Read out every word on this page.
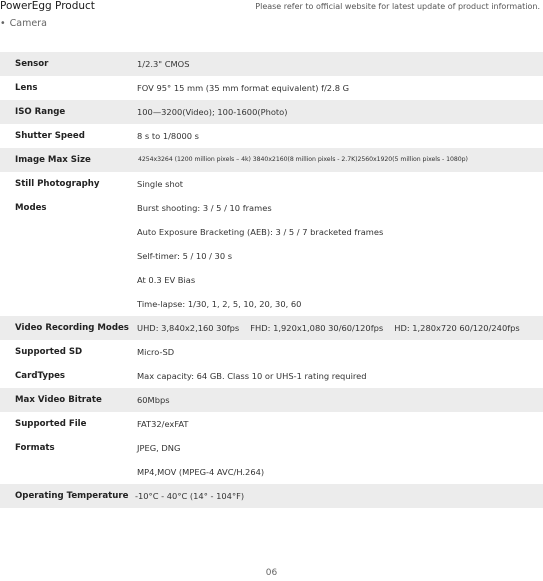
PowerEgg Product	Please refer to official website for latest update of product information.
• Camera
Sensor	1/2.3" CMOS
Lens	FOV 95° 15 mm (35 mm format equivalent) f/2.8 G
ISO Range	100—3200(Video); 100-1600(Photo)
Shutter Speed	8 s to 1/8000 s
Image Max Size	4254x3264 (1200 million pixels – 4k) 3840x2160(8 million pixels - 2.7K)2560x1920(5 million pixels - 1080p)
Still Photography	Single shot
Modes	Burst shooting: 3 / 5 / 10 frames
Auto Exposure Bracketing (AEB): 3 / 5 / 7 bracketed frames
Self-timer: 5 / 10 / 30 s
At 0.3 EV Bias
Time-lapse: 1/30, 1, 2, 5, 10, 20, 30, 60
Video Recording Modes UHD: 3,840x2,160 30fps FHD: 1,920x1,080 30/60/120fps HD: 1,280x720 60/120/240fps
Supported SD	Micro-SD
CardTypes	Max capacity: 64 GB. Class 10 or UHS-1 rating required
Max Video Bitrate	60Mbps
Supported File	FAT32/exFAT
Formats	JPEG, DNG
MP4,MOV (MPEG-4 AVC/H.264)
Operating Temperature -10°C - 40°C (14° - 104°F)
06
